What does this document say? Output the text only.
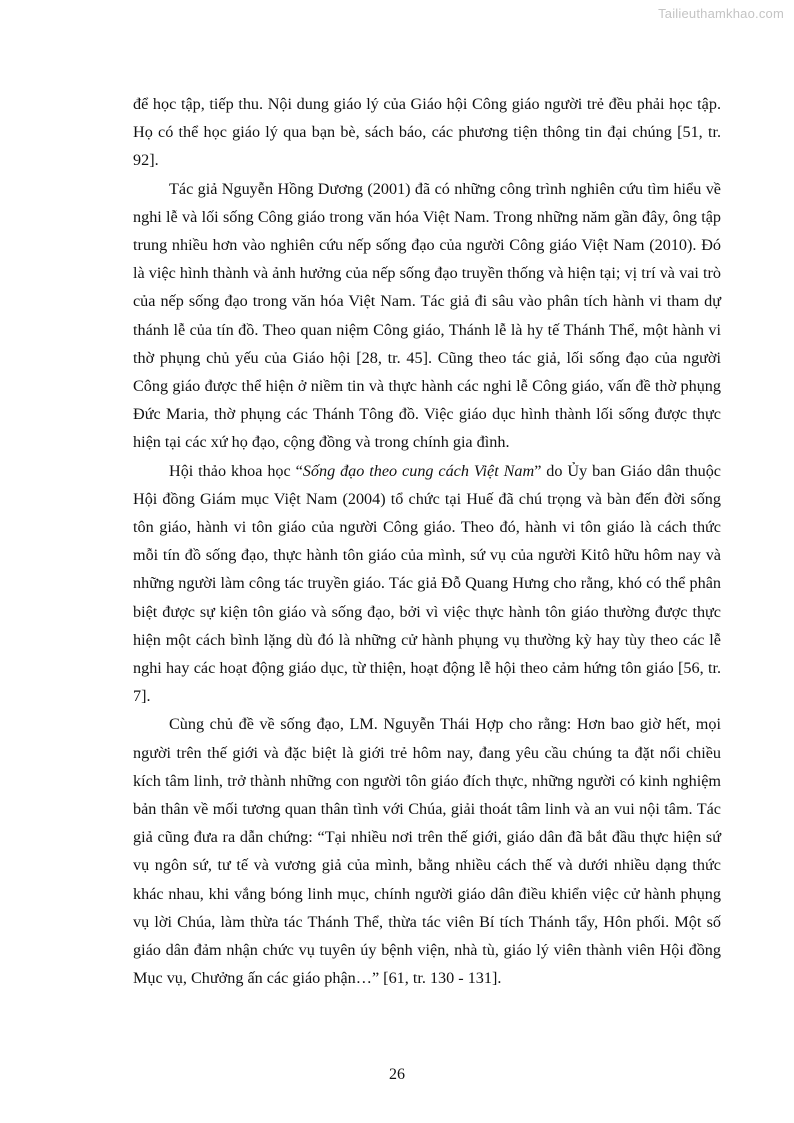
Tailieuthamkhao.com

để học tập, tiếp thu. Nội dung giáo lý của Giáo hội Công giáo người trẻ đều phải học tập. Họ có thể học giáo lý qua bạn bè, sách báo, các phương tiện thông tin đại chúng [51, tr. 92].

Tác giả Nguyễn Hồng Dương (2001) đã có những công trình nghiên cứu tìm hiểu về nghi lễ và lối sống Công giáo trong văn hóa Việt Nam. Trong những năm gần đây, ông tập trung nhiều hơn vào nghiên cứu nếp sống đạo của người Công giáo Việt Nam (2010). Đó là việc hình thành và ảnh hưởng của nếp sống đạo truyền thống và hiện tại; vị trí và vai trò của nếp sống đạo trong văn hóa Việt Nam. Tác giả đi sâu vào phân tích hành vi tham dự thánh lễ của tín đồ. Theo quan niệm Công giáo, Thánh lễ là hy tế Thánh Thể, một hành vi thờ phụng chủ yếu của Giáo hội [28, tr. 45]. Cũng theo tác giả, lối sống đạo của người Công giáo được thể hiện ở niềm tin và thực hành các nghi lễ Công giáo, vấn đề thờ phụng Đức Maria, thờ phụng các Thánh Tông đồ. Việc giáo dục hình thành lối sống được thực hiện tại các xứ họ đạo, cộng đồng và trong chính gia đình.

Hội thảo khoa học “Sống đạo theo cung cách Việt Nam” do Ủy ban Giáo dân thuộc Hội đồng Giám mục Việt Nam (2004) tổ chức tại Huế đã chú trọng và bàn đến đời sống tôn giáo, hành vi tôn giáo của người Công giáo. Theo đó, hành vi tôn giáo là cách thức mỗi tín đồ sống đạo, thực hành tôn giáo của mình, sứ vụ của người Kitô hữu hôm nay và những người làm công tác truyền giáo. Tác giả Đỗ Quang Hưng cho rằng, khó có thể phân biệt được sự kiện tôn giáo và sống đạo, bởi vì việc thực hành tôn giáo thường được thực hiện một cách bình lặng dù đó là những cử hành phụng vụ thường kỳ hay tùy theo các lễ nghi hay các hoạt động giáo dục, từ thiện, hoạt động lễ hội theo cảm hứng tôn giáo [56, tr. 7].

Cùng chủ đề về sống đạo, LM. Nguyễn Thái Hợp cho rằng: Hơn bao giờ hết, mọi người trên thế giới và đặc biệt là giới trẻ hôm nay, đang yêu cầu chúng ta đặt nổi chiều kích tâm linh, trở thành những con người tôn giáo đích thực, những người có kinh nghiệm bản thân về mối tương quan thân tình với Chúa, giải thoát tâm linh và an vui nội tâm. Tác giả cũng đưa ra dẫn chứng: “Tại nhiều nơi trên thế giới, giáo dân đã bắt đầu thực hiện sứ vụ ngôn sứ, tư tế và vương giả của mình, bằng nhiều cách thế và dưới nhiều dạng thức khác nhau, khi vắng bóng linh mục, chính người giáo dân điều khiển việc cử hành phụng vụ lời Chúa, làm thừa tác Thánh Thể, thừa tác viên Bí tích Thánh tẩy, Hôn phối. Một số giáo dân đảm nhận chức vụ tuyên úy bệnh viện, nhà tù, giáo lý viên thành viên Hội đồng Mục vụ, Chưởng ấn các giáo phận…” [61, tr. 130 - 131].

26
